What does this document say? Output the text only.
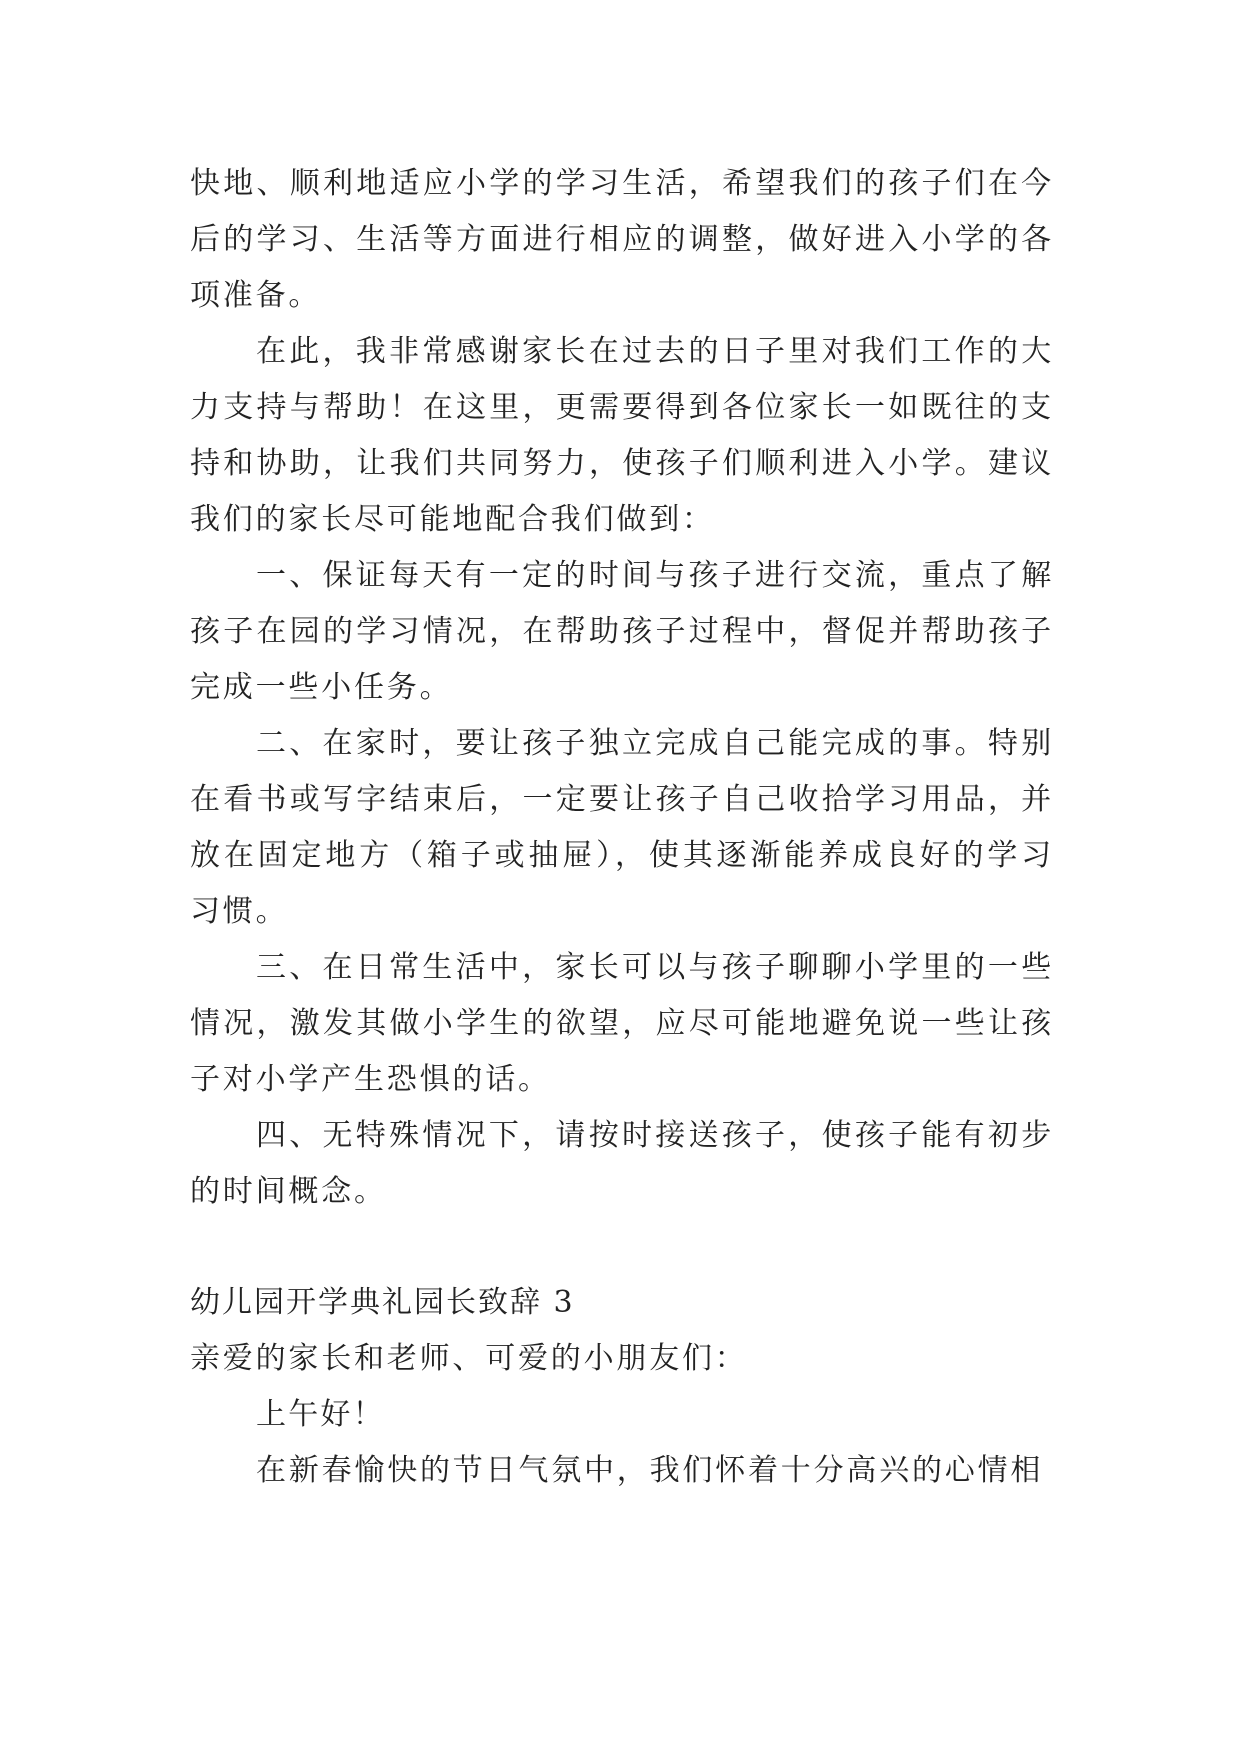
快地、顺利地适应小学的学习生活，希望我们的孩子们在今后的学习、生活等方面进行相应的调整，做好进入小学的各项准备。

在此，我非常感谢家长在过去的日子里对我们工作的大力支持与帮助！在这里，更需要得到各位家长一如既往的支持和协助，让我们共同努力，使孩子们顺利进入小学。建议我们的家长尽可能地配合我们做到：

一、保证每天有一定的时间与孩子进行交流，重点了解孩子在园的学习情况，在帮助孩子过程中，督促并帮助孩子完成一些小任务。

二、在家时，要让孩子独立完成自己能完成的事。特别在看书或写字结束后，一定要让孩子自己收拾学习用品，并放在固定地方（箱子或抽屉），使其逐渐能养成良好的学习习惯。

三、在日常生活中，家长可以与孩子聊聊小学里的一些情况，激发其做小学生的欲望，应尽可能地避免说一些让孩子对小学产生恐惧的话。

四、无特殊情况下，请按时接送孩子，使孩子能有初步的时间概念。

幼儿园开学典礼园长致辞 3

亲爱的家长和老师、可爱的小朋友们：

上午好！

在新春愉快的节日气氛中，我们怀着十分高兴的心情相
